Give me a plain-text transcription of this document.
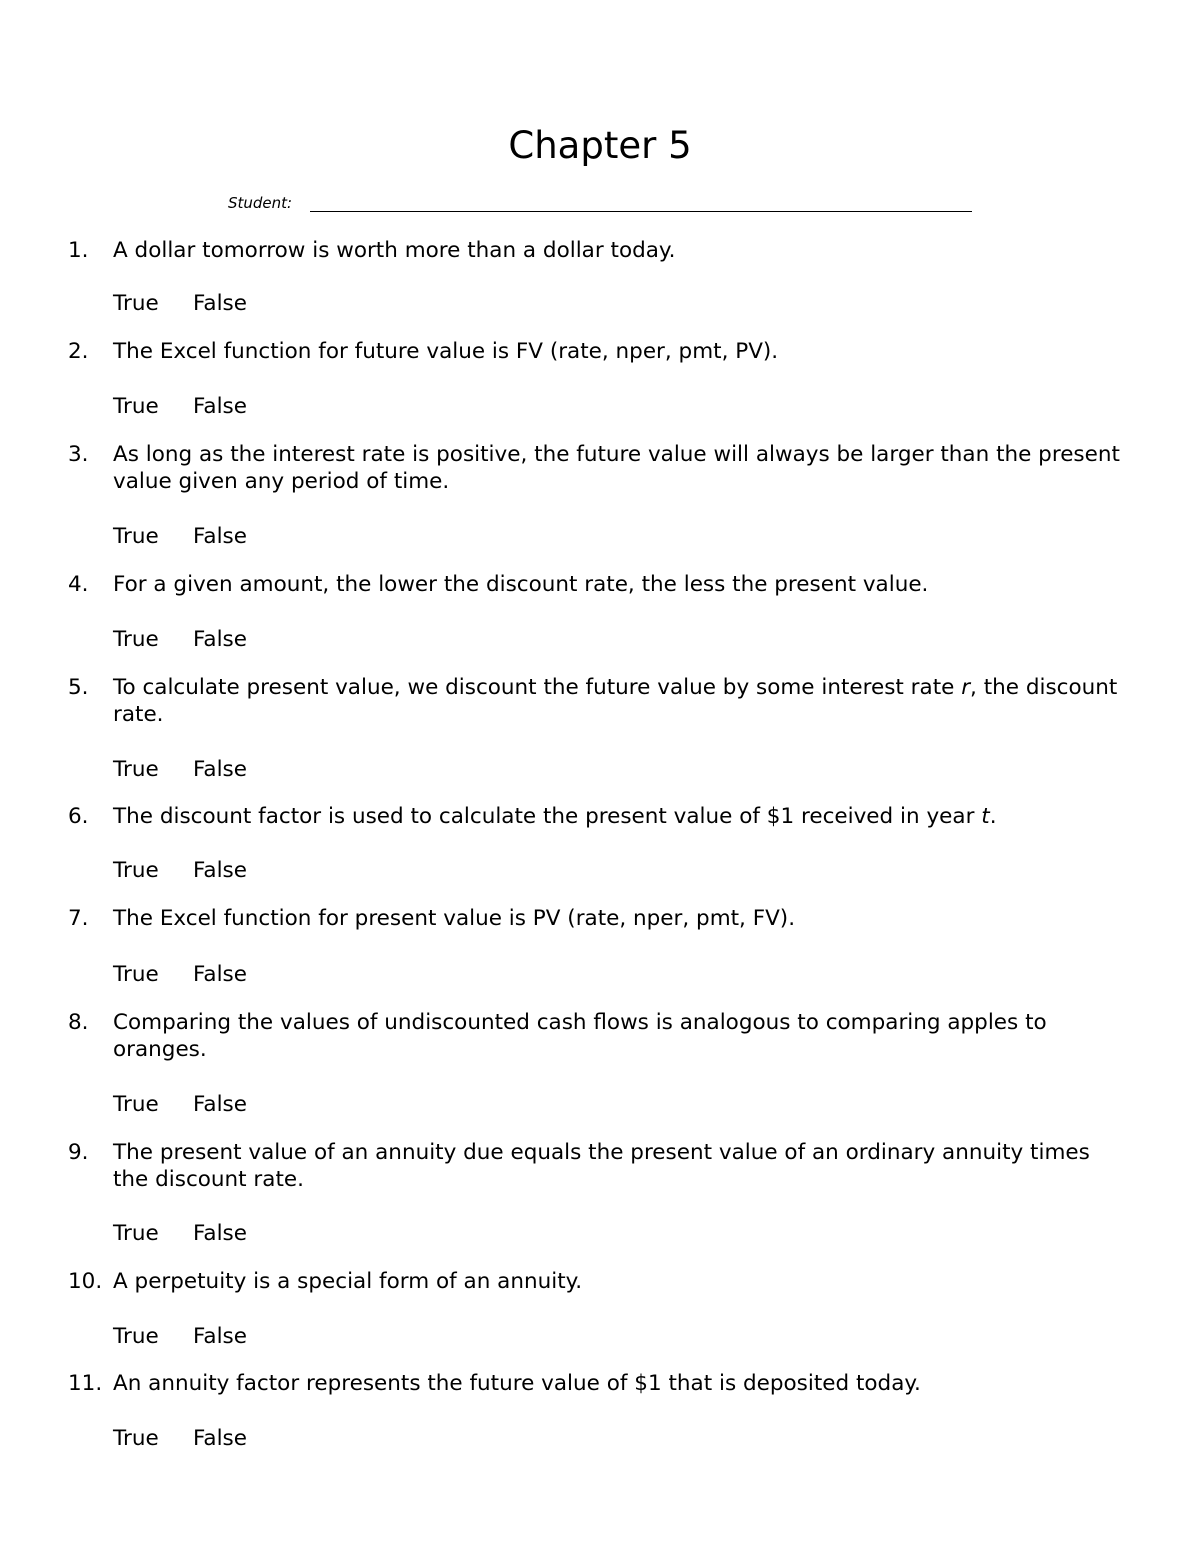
Chapter 5
Student:
1.	A dollar tomorrow is worth more than a dollar today.
True False
2.	The Excel function for future value is FV (rate, nper, pmt, PV).
True False
3.	As long as the interest rate is positive, the future value will always be larger than the present value given any period of time.
True False
4.	For a given amount, the lower the discount rate, the less the present value.
True False
5.	To calculate present value, we discount the future value by some interest rate r, the discount rate.
True False
6.	The discount factor is used to calculate the present value of $1 received in year t.
True False
7.	The Excel function for present value is PV (rate, nper, pmt, FV).
True False
8.	Comparing the values of undiscounted cash flows is analogous to comparing apples to oranges.
True False
9.	The present value of an annuity due equals the present value of an ordinary annuity times the discount rate.
True False
10. A perpetuity is a special form of an annuity.
True False
11. An annuity factor represents the future value of $1 that is deposited today.
True False
